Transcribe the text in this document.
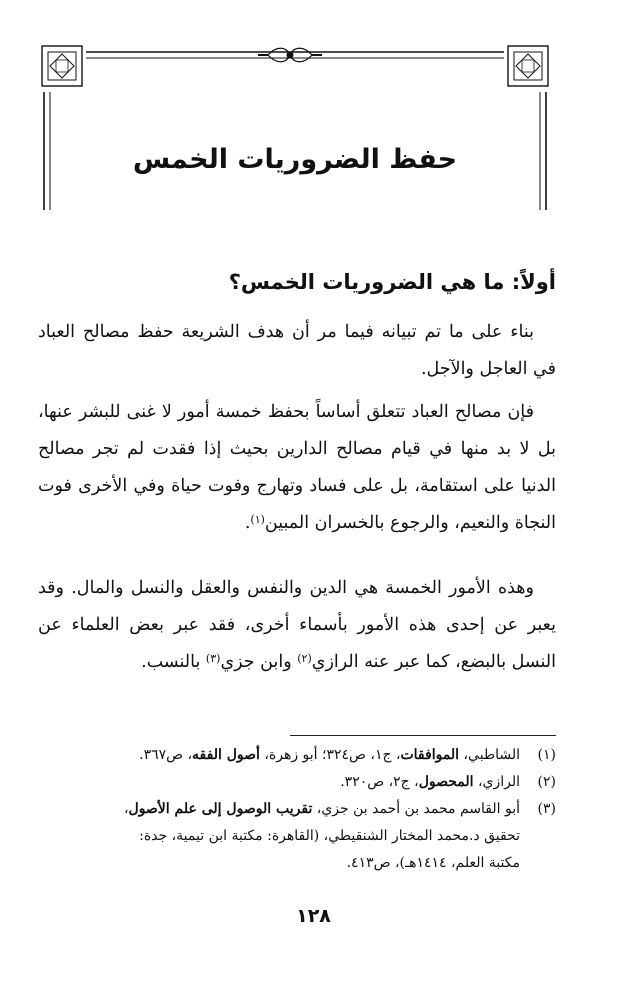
حفظ الضروريات الخمس
أولاً: ما هي الضروريات الخمس؟

بناء على ما تم تبيانه فيما مر أن هدف الشريعة حفظ مصالح العباد في العاجل والآجل.

فإن مصالح العباد تتعلق أساساً بحفظ خمسة أمور لا غنى للبشر عنها، بل لا بد منها في قيام مصالح الدارين بحيث إذا فقدت لم تجر مصالح الدنيا على استقامة، بل على فساد وتهارج وفوت حياة وفي الأخرى فوت النجاة والنعيم، والرجوع بالخسران المبين$^{(١)}$.

وهذه الأمور الخمسة هي الدين والنفس والعقل والنسل والمال. وقد يعبر عن إحدى هذه الأمور بأسماء أخرى، فقد عبر بعض العلماء عن النسل بالبضع، كما عبر عنه الرازي$^{(٢)}$ وابن جزي$^{(٣)}$ بالنسب.

(١)
الشاطبي، الموافقات، ج١، ص٣٢٤؛ أبو زهرة، أصول الفقه، ص٣٦٧.
(٢)
الرازي، المحصول، ج٢، ص٣٢٠.
(٣)
أبو القاسم محمد بن أحمد بن جزي، تقريب الوصول إلى علم الأصول،
تحقيق د.محمد المختار الشنقيطي، (القاهرة: مكتبة ابن تيمية، جدة:
مكتبة العلم، ١٤١٤هـ)، ص٤١٣.
١٢٨
